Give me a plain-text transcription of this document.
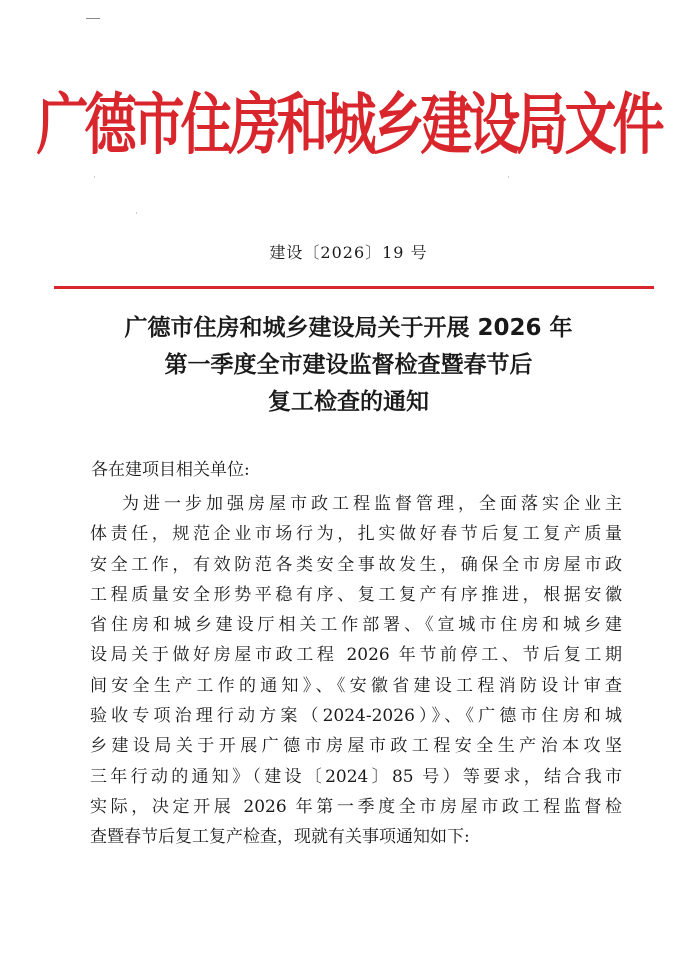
广德市住房和城乡建设局文件
˙
˙
˙
建设〔2026〕19 号
广德市住房和城乡建设局关于开展 2026 年
第一季度全市建设监督检查暨春节后
复工检查的通知
各在建项目相关单位:
为进一步加强房屋市政工程监督管理，全面落实企业主
体责任，规范企业市场行为，扎实做好春节后复工复产质量
安全工作，有效防范各类安全事故发生，确保全市房屋市政
工程质量安全形势平稳有序、复工复产有序推进，根据安徽
省住房和城乡建设厅相关工作部署、《宣城市住房和城乡建
设局关于做好房屋市政工程 2026 年节前停工、节后复工期
间安全生产工作的通知》、《安徽省建设工程消防设计审查
验收专项治理行动方案（2024-2026）》、《广德市住房和城
乡建设局关于开展广德市房屋市政工程安全生产治本攻坚
三年行动的通知》（建设〔2024〕85 号）等要求，结合我市
实际，决定开展 2026 年第一季度全市房屋市政工程监督检
查暨春节后复工复产检查，现就有关事项通知如下:
